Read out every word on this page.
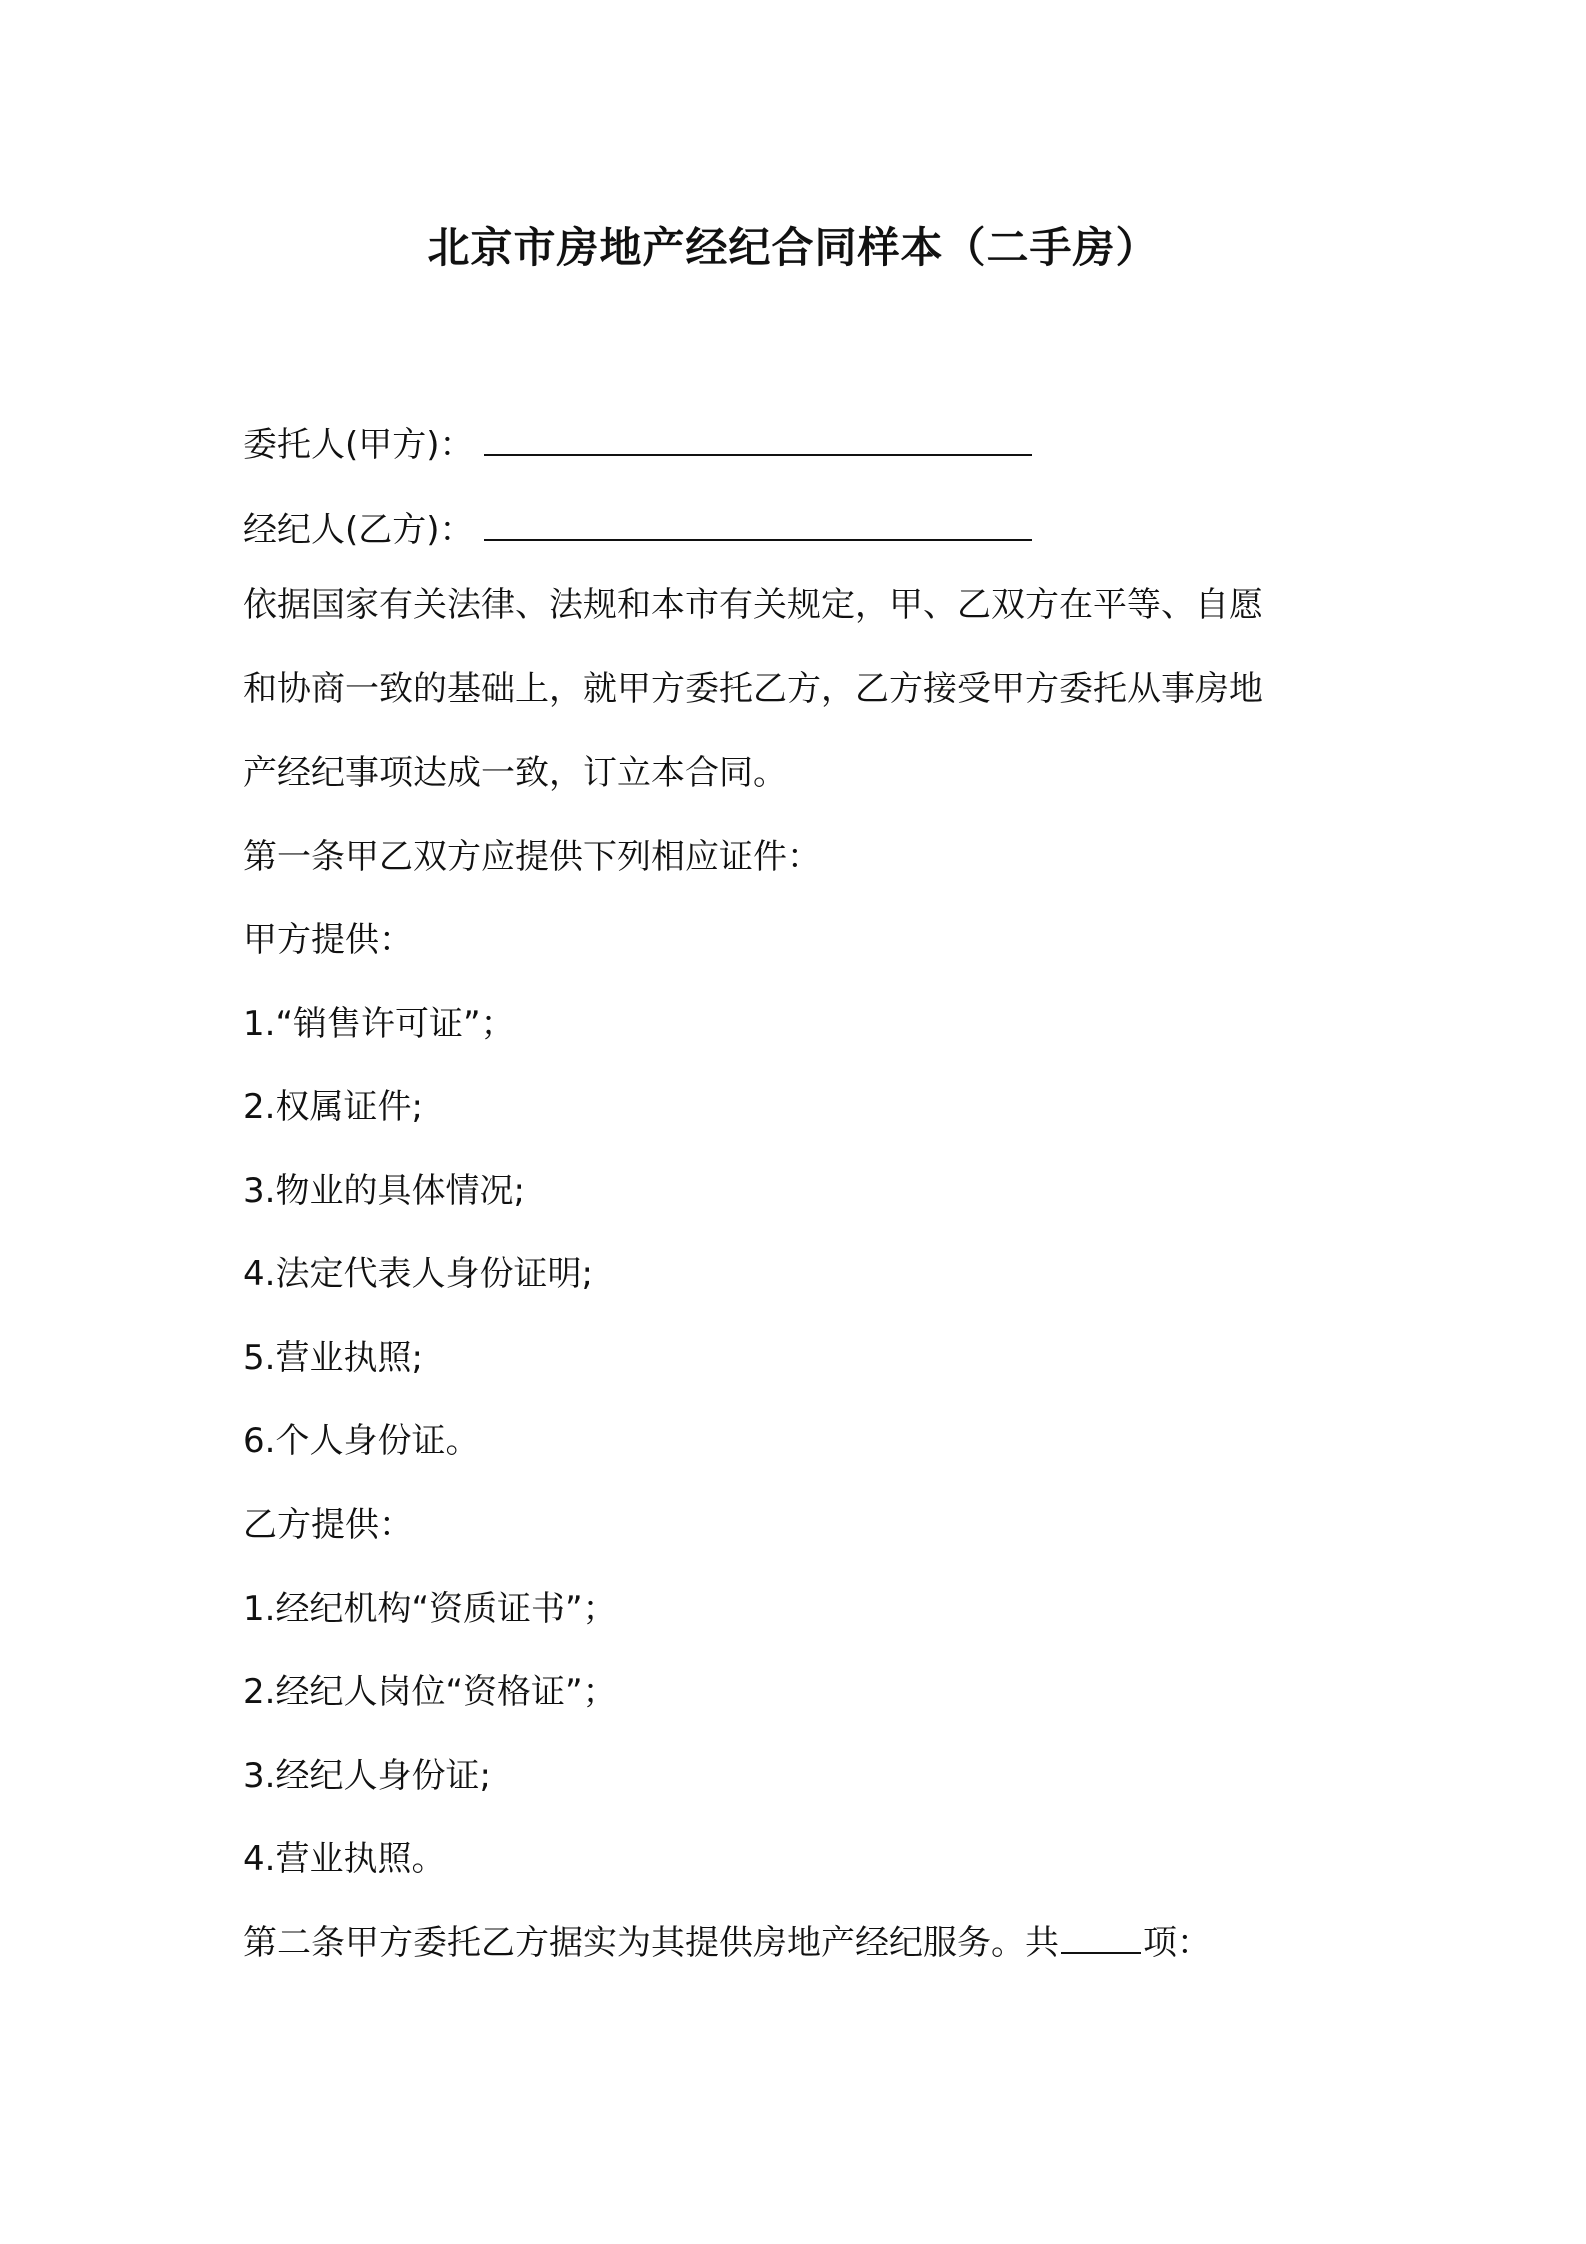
北京市房地产经纪合同样本（二手房）
委托人(甲方)：
经纪人(乙方)：
依据国家有关法律、法规和本市有关规定，甲、乙双方在平等、自愿
和协商一致的基础上，就甲方委托乙方，乙方接受甲方委托从事房地
产经纪事项达成一致，订立本合同。
第一条甲乙双方应提供下列相应证件：
甲方提供：
1.“销售许可证”；
2.权属证件;
3.物业的具体情况;
4.法定代表人身份证明;
5.营业执照;
6.个人身份证。
乙方提供：
1.经纪机构“资质证书”；
2.经纪人岗位“资格证”；
3.经纪人身份证;
4.营业执照。
第二条甲方委托乙方据实为其提供房地产经纪服务。共 项：
